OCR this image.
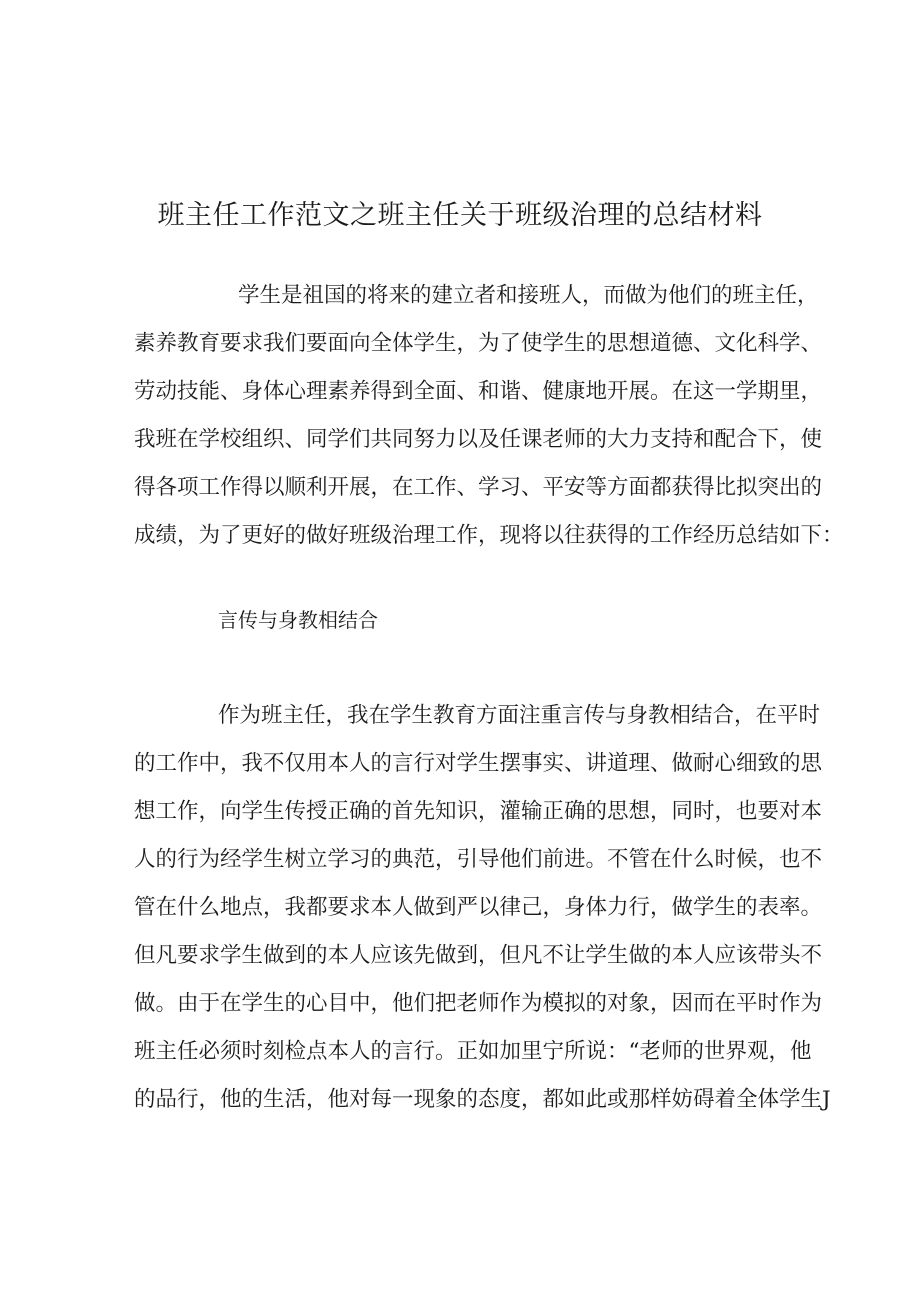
班主任工作范文之班主任关于班级治理的总结材料
学生是祖国的将来的建立者和接班人，而做为他们的班主任，
素养教育要求我们要面向全体学生，为了使学生的思想道德、文化科学、
劳动技能、身体心理素养得到全面、和谐、健康地开展。在这一学期里，
我班在学校组织、同学们共同努力以及任课老师的大力支持和配合下，使
得各项工作得以顺利开展，在工作、学习、平安等方面都获得比拟突出的
成绩，为了更好的做好班级治理工作，现将以往获得的工作经历总结如下：
言传与身教相结合
作为班主任，我在学生教育方面注重言传与身教相结合，在平时
的工作中，我不仅用本人的言行对学生摆事实、讲道理、做耐心细致的思
想工作，向学生传授正确的首先知识，灌输正确的思想，同时，也要对本
人的行为经学生树立学习的典范，引导他们前进。不管在什么时候，也不
管在什么地点，我都要求本人做到严以律己，身体力行，做学生的表率。
但凡要求学生做到的本人应该先做到，但凡不让学生做的本人应该带头不
做。由于在学生的心目中，他们把老师作为模拟的对象，因而在平时作为
班主任必须时刻检点本人的言行。正如加里宁所说：“老师的世界观，他
的品行，他的生活，他对每一现象的态度，都如此或那样妨碍着全体学生J
